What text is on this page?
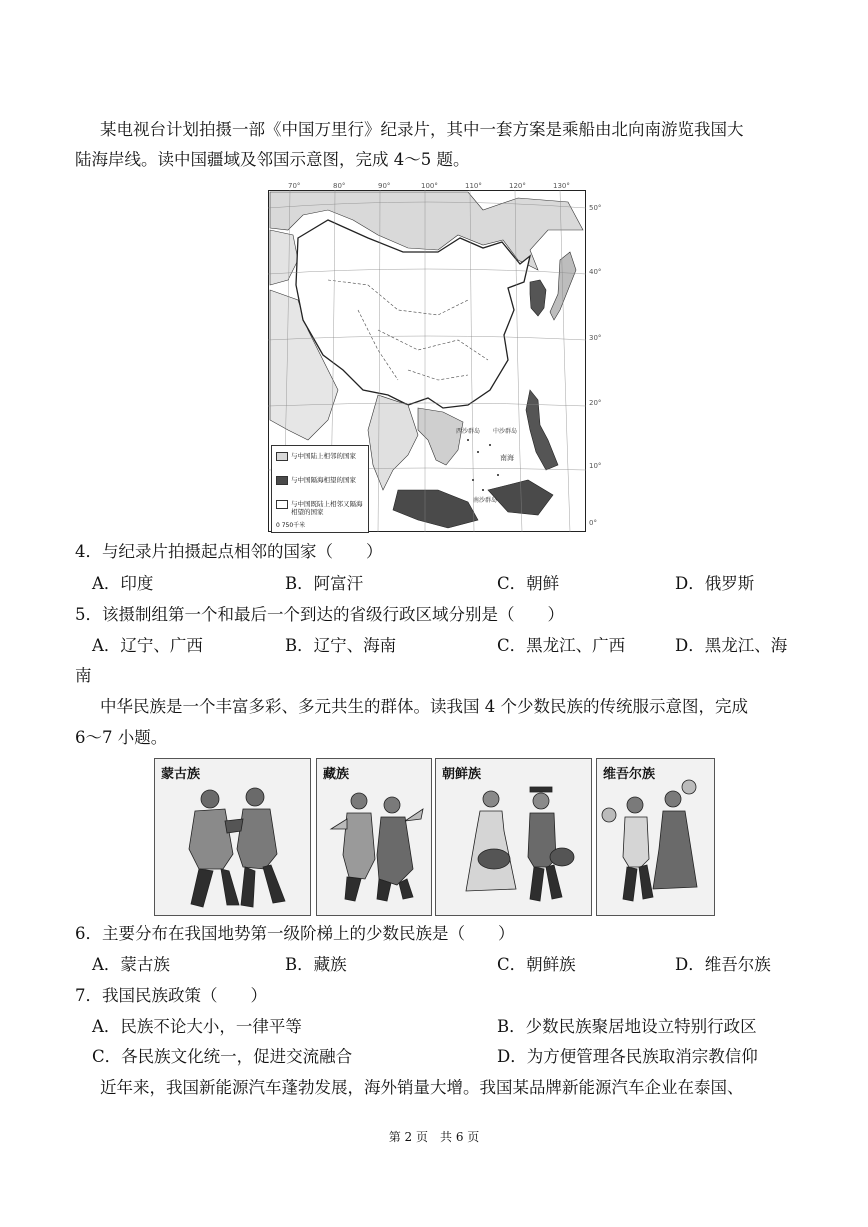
某电视台计划拍摄一部《中国万里行》纪录片，其中一套方案是乘船由北向南游览我国大
陆海岸线。读中国疆域及邻国示意图，完成 4～5 题。
南海
西沙群岛 中沙群岛
南沙群岛
70°	80°	90°	100°	110°	120°	130°
50°
40°
30°
20°
10°
0°
与中国陆上相邻的国家
与中国隔海相望的国家
与中国既陆上相邻又隔海相望的国家
0 750千米
4．与纪录片拍摄起点相邻的国家（　　）
A．印度	B．阿富汗	C．朝鲜	D．俄罗斯
5．该摄制组第一个和最后一个到达的省级行政区域分别是（　　）
A．辽宁、广西	B．辽宁、海南	C．黑龙江、广西	D．黑龙江、海
南
中华民族是一个丰富多彩、多元共生的群体。读我国 4 个少数民族的传统服示意图，完成
6～7 小题。
蒙古族	藏族	朝鲜族	维吾尔族
6．主要分布在我国地势第一级阶梯上的少数民族是（　　）
A．蒙古族	B．藏族	C．朝鲜族	D．维吾尔族
7．我国民族政策（　　）
A．民族不论大小，一律平等	B．少数民族聚居地设立特别行政区
C．各民族文化统一，促进交流融合	D．为方便管理各民族取消宗教信仰
近年来，我国新能源汽车蓬勃发展，海外销量大增。我国某品牌新能源汽车企业在泰国、
第 2 页　共 6 页
